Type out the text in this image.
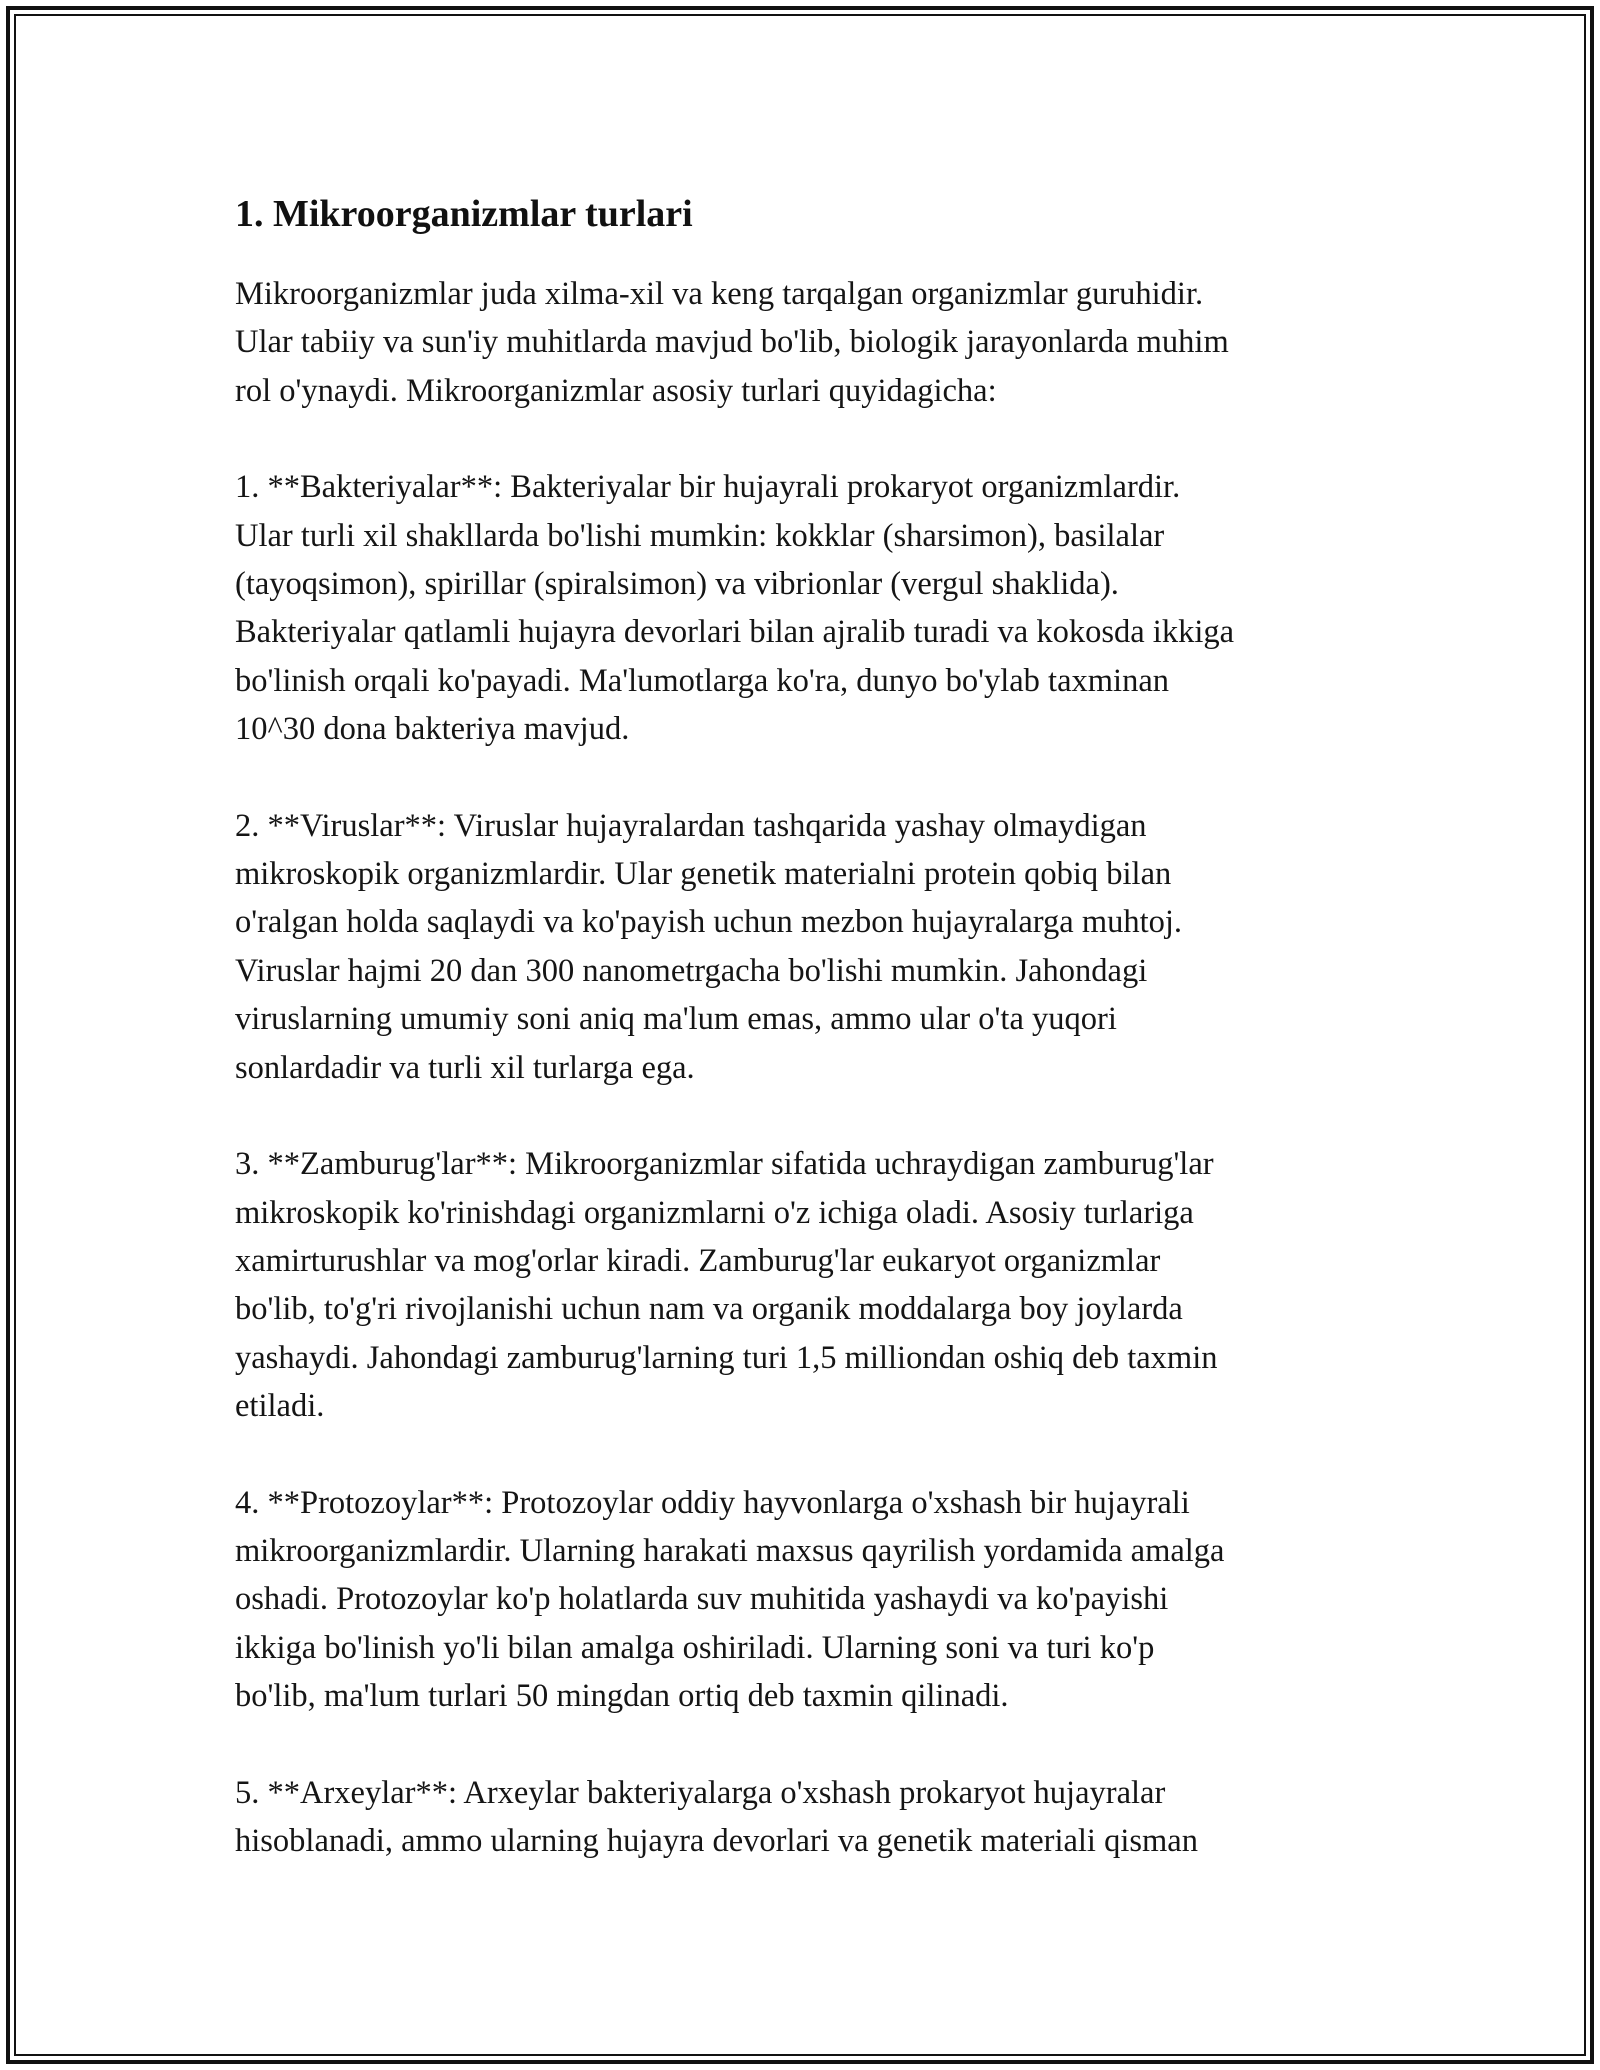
1. Mikroorganizmlar turlari

Mikroorganizmlar juda xilma-xil va keng tarqalgan organizmlar guruhidir.
Ular tabiiy va sun'iy muhitlarda mavjud bo'lib, biologik jarayonlarda muhim
rol o'ynaydi. Mikroorganizmlar asosiy turlari quyidagicha:

1. **Bakteriyalar**: Bakteriyalar bir hujayrali prokaryot organizmlardir.
Ular turli xil shakllarda bo'lishi mumkin: kokklar (sharsimon), basilalar
(tayoqsimon), spirillar (spiralsimon) va vibrionlar (vergul shaklida).
Bakteriyalar qatlamli hujayra devorlari bilan ajralib turadi va kokosda ikkiga
bo'linish orqali ko'payadi. Ma'lumotlarga ko'ra, dunyo bo'ylab taxminan
10^30 dona bakteriya mavjud.

2. **Viruslar**: Viruslar hujayralardan tashqarida yashay olmaydigan
mikroskopik organizmlardir. Ular genetik materialni protein qobiq bilan
o'ralgan holda saqlaydi va ko'payish uchun mezbon hujayralarga muhtoj.
Viruslar hajmi 20 dan 300 nanometrgacha bo'lishi mumkin. Jahondagi
viruslarning umumiy soni aniq ma'lum emas, ammo ular o'ta yuqori
sonlardadir va turli xil turlarga ega.

3. **Zamburug'lar**: Mikroorganizmlar sifatida uchraydigan zamburug'lar
mikroskopik ko'rinishdagi organizmlarni o'z ichiga oladi. Asosiy turlariga
xamirturushlar va mog'orlar kiradi. Zamburug'lar eukaryot organizmlar
bo'lib, to'g'ri rivojlanishi uchun nam va organik moddalarga boy joylarda
yashaydi. Jahondagi zamburug'larning turi 1,5 milliondan oshiq deb taxmin
etiladi.

4. **Protozoylar**: Protozoylar oddiy hayvonlarga o'xshash bir hujayrali
mikroorganizmlardir. Ularning harakati maxsus qayrilish yordamida amalga
oshadi. Protozoylar ko'p holatlarda suv muhitida yashaydi va ko'payishi
ikkiga bo'linish yo'li bilan amalga oshiriladi. Ularning soni va turi ko'p
bo'lib, ma'lum turlari 50 mingdan ortiq deb taxmin qilinadi.

5. **Arxeylar**: Arxeylar bakteriyalarga o'xshash prokaryot hujayralar
hisoblanadi, ammo ularning hujayra devorlari va genetik materiali qisman
